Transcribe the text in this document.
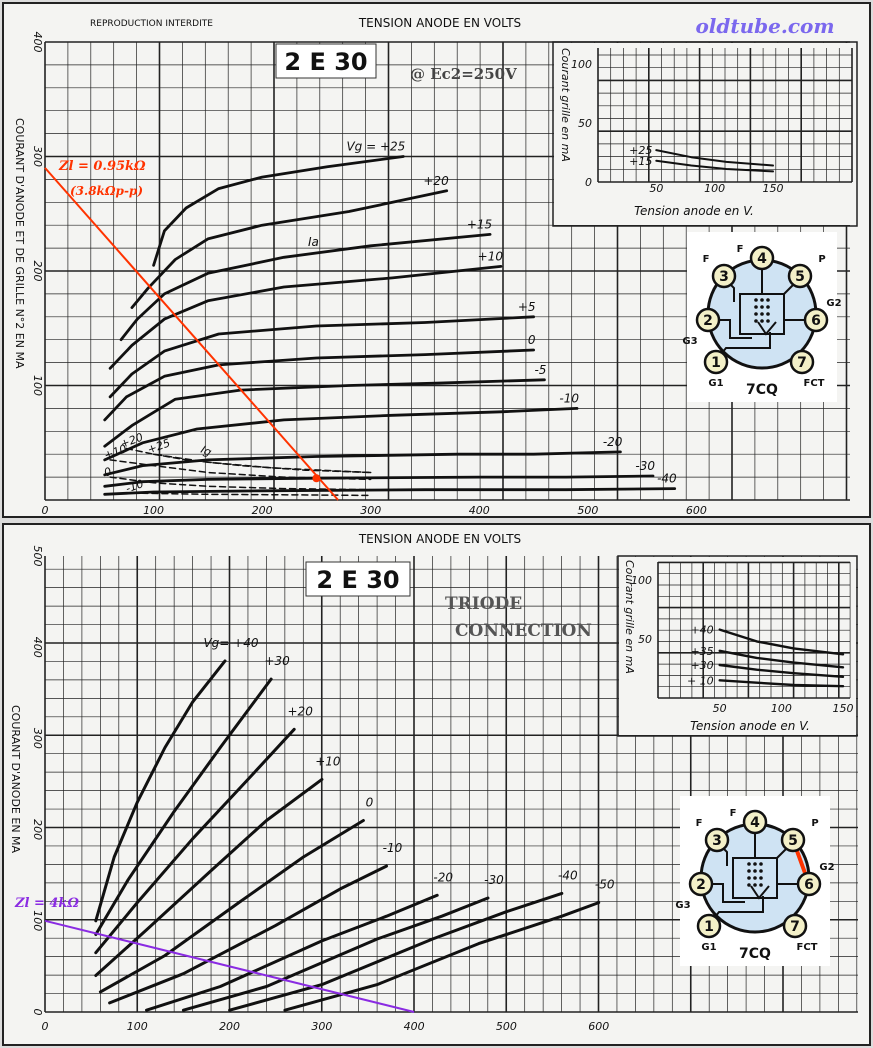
Vg = +25
+20
+15
+10
+5
0
-5
-10
-20
-30
-40
+25
+20
+10
0
-10
+25
+15
0	100	200	300	400	500	600
100
200
300
400
50	100	150
0
50
100
REPRODUCTION INTERDITE	TENSION ANODE EN VOLTS	oldtube.com
2 E 30	@ Ec2=250V
COURANT D'ANODE ET DE GRILLE N°2 EN MA	Ia
Ig
Zl = 0.95kΩ
(3.8kΩp-p)
Courant grille en mA
Tension anode en V.
1
G1
2
G3
3
F	4
F
5
P
6
G2
7
FCT
7CQ
Vg= +40
+30
+20
+10
0
-10
-20	-30	-40
-50
+40
+35
+30
+ 10
0	100	200	300	400	500	600
0
100
200
300
400
500
50	100	150
50
100
TENSION ANODE EN VOLTS
2 E 30
TRIODE
CONNECTION
COURANT D'ANODE EN MA
Zl = 4kΩ
Courant grille en mA
Tension anode en V.
1
G1
2
G3
3
F	4
F
5
P
6
G2
7
FCT
7CQ
